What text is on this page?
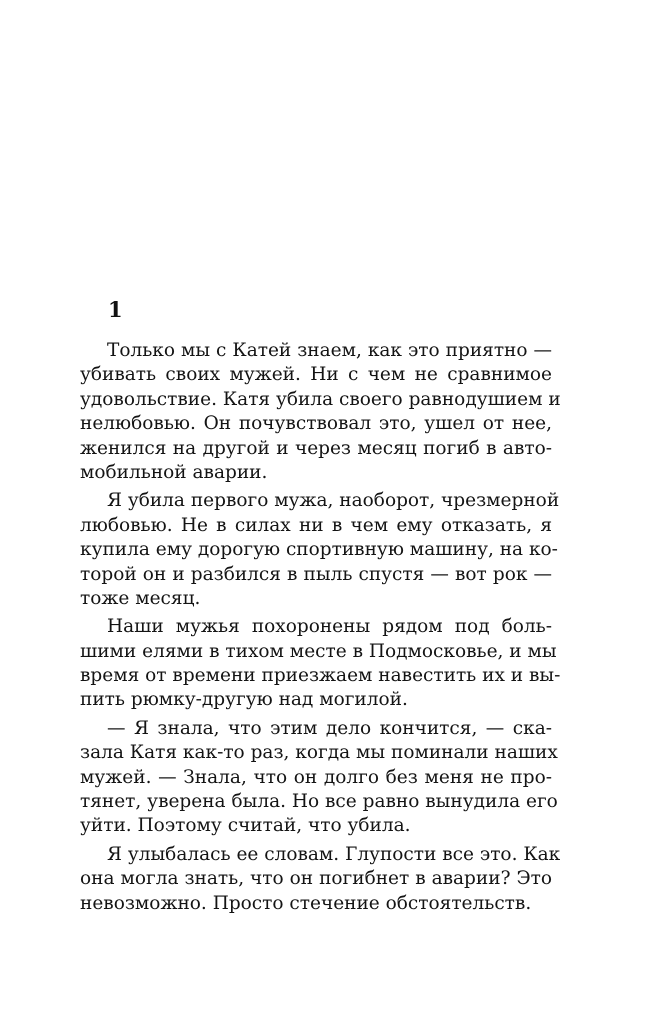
1

Только мы с Катей знаем, как это приятно —
убивать своих мужей. Ни с чем не сравнимое
удовольствие. Катя убила своего равнодушием и
нелюбовью. Он почувствовал это, ушел от нее,
женился на другой и через месяц погиб в авто-
мобильной аварии.

Я убила первого мужа, наоборот, чрезмерной
любовью. Не в силах ни в чем ему отказать, я
купила ему дорогую спортивную машину, на ко-
торой он и разбился в пыль спустя — вот рок —
тоже месяц.

Наши мужья похоронены рядом под боль-
шими елями в тихом месте в Подмосковье, и мы
время от времени приезжаем навестить их и вы-
пить рюмку-другую над могилой.

— Я знала, что этим дело кончится, — ска-
зала Катя как-то раз, когда мы поминали наших
мужей. — Знала, что он долго без меня не про-
тянет, уверена была. Но все равно вынудила его
уйти. Поэтому считай, что убила.

Я улыбалась ее словам. Глупости все это. Как
она могла знать, что он погибнет в аварии? Это
невозможно. Просто стечение обстоятельств.
